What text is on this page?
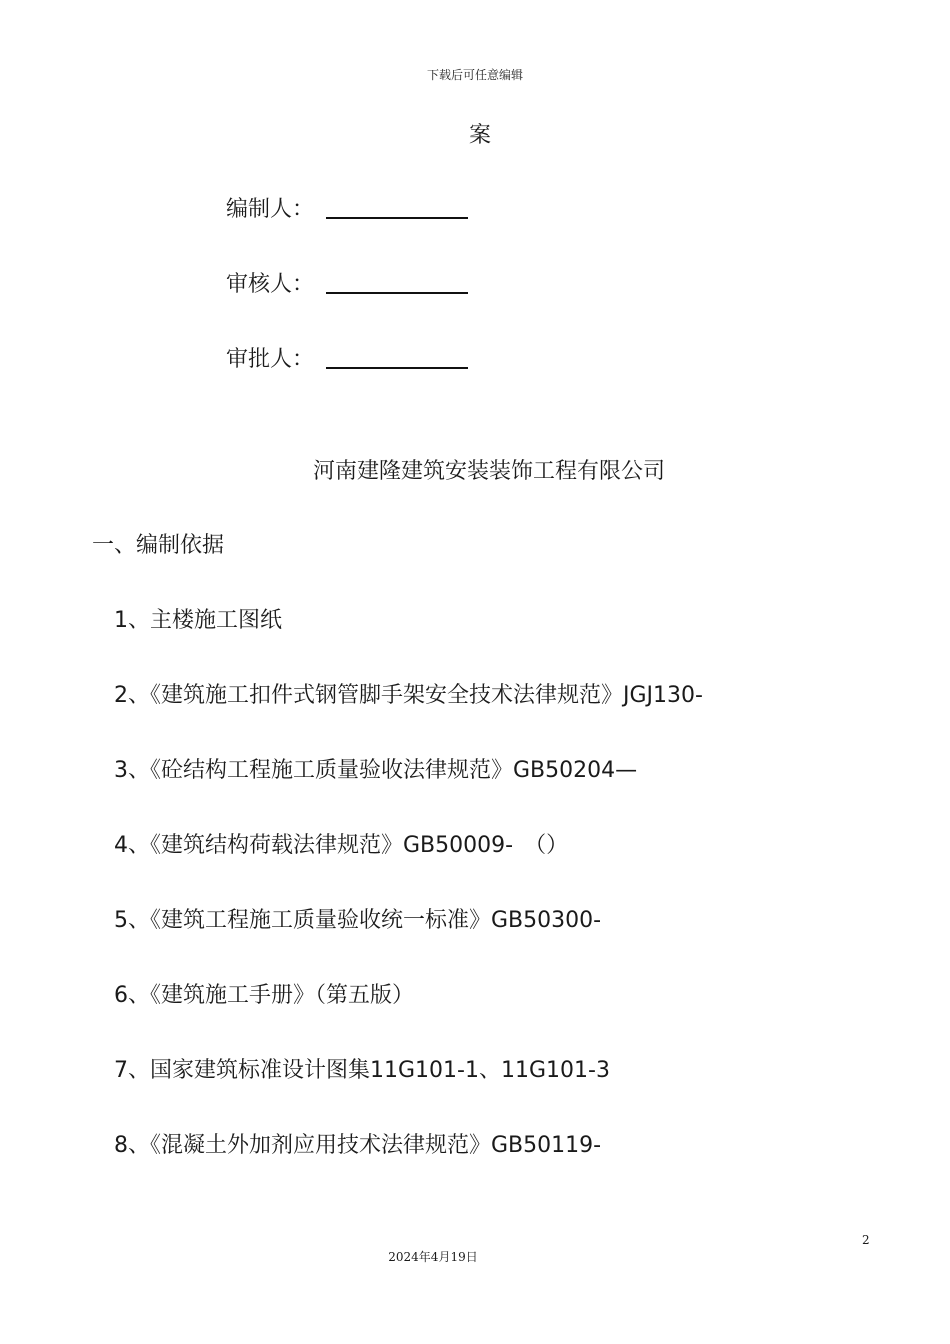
下载后可任意编辑
案
编制人：
审核人：
审批人：
河南建隆建筑安装装饰工程有限公司
一、编制依据
1、主楼施工图纸
2、《建筑施工扣件式钢管脚手架安全技术法律规范》JGJ130-
3、《砼结构工程施工质量验收法律规范》GB50204—
4、《建筑结构荷载法律规范》GB50009-　（）
5、《建筑工程施工质量验收统一标准》GB50300-
6、《建筑施工手册》（第五版）
7、国家建筑标准设计图集11G101-1、11G101-3
8、《混凝土外加剂应用技术法律规范》GB50119-
2
2024年4月19日
